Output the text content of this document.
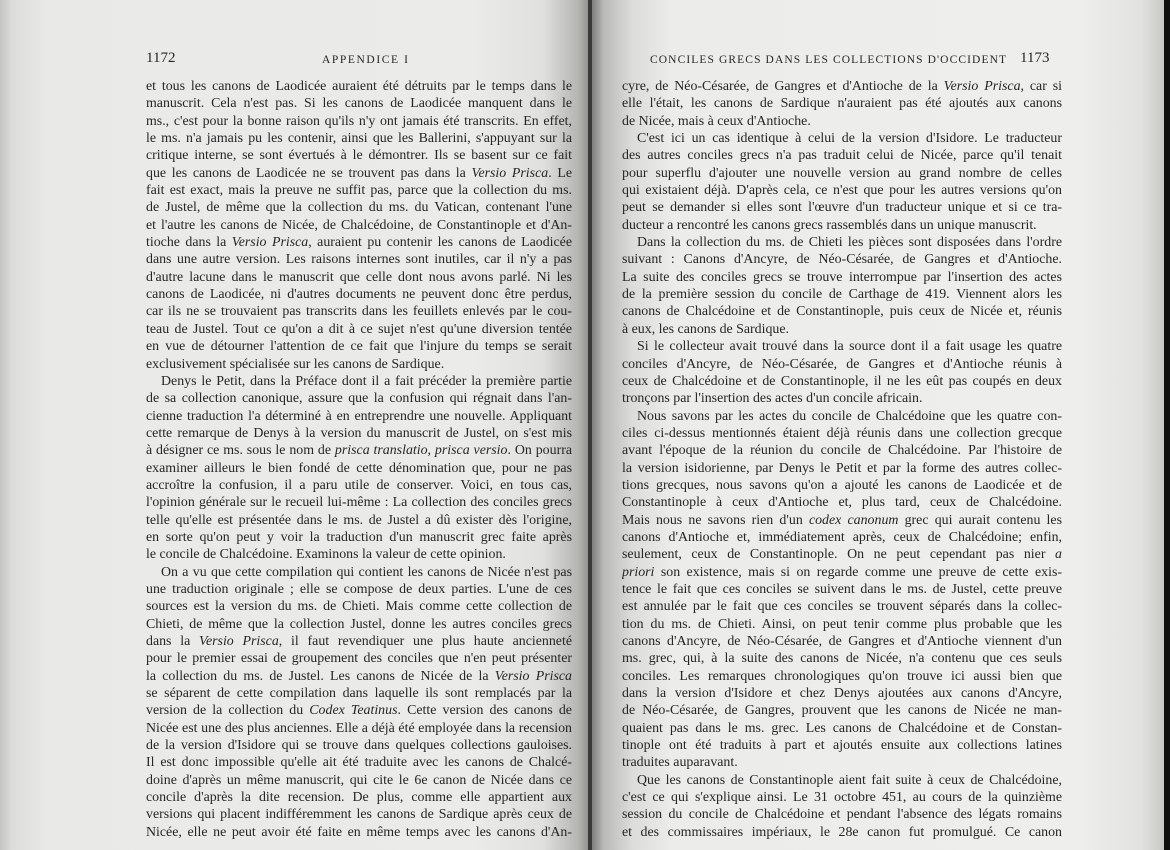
1172	APPENDICE I
et tous les canons de Laodicée auraient été détruits par le temps dans le
manuscrit. Cela n'est pas. Si les canons de Laodicée manquent dans le
ms., c'est pour la bonne raison qu'ils n'y ont jamais été transcrits. En effet,
le ms. n'a jamais pu les contenir, ainsi que les Ballerini, s'appuyant sur la
critique interne, se sont évertués à le démontrer. Ils se basent sur ce fait
que les canons de Laodicée ne se trouvent pas dans la Versio Prisca. Le
fait est exact, mais la preuve ne suffit pas, parce que la collection du ms.
de Justel, de même que la collection du ms. du Vatican, contenant l'une
et l'autre les canons de Nicée, de Chalcédoine, de Constantinople et d'An-
tioche dans la Versio Prisca, auraient pu contenir les canons de Laodicée
dans une autre version. Les raisons internes sont inutiles, car il n'y a pas
d'autre lacune dans le manuscrit que celle dont nous avons parlé. Ni les
canons de Laodicée, ni d'autres documents ne peuvent donc être perdus,
car ils ne se trouvaient pas transcrits dans les feuillets enlevés par le cou-
teau de Justel. Tout ce qu'on a dit à ce sujet n'est qu'une diversion tentée
en vue de détourner l'attention de ce fait que l'injure du temps se serait
exclusivement spécialisée sur les canons de Sardique.
Denys le Petit, dans la Préface dont il a fait précéder la première partie
de sa collection canonique, assure que la confusion qui régnait dans l'an-
cienne traduction l'a déterminé à en entreprendre une nouvelle. Appliquant
cette remarque de Denys à la version du manuscrit de Justel, on s'est mis
à désigner ce ms. sous le nom de prisca translatio, prisca versio. On pourra
examiner ailleurs le bien fondé de cette dénomination que, pour ne pas
accroître la confusion, il a paru utile de conserver. Voici, en tous cas,
l'opinion générale sur le recueil lui-même : La collection des conciles grecs
telle qu'elle est présentée dans le ms. de Justel a dû exister dès l'origine,
en sorte qu'on peut y voir la traduction d'un manuscrit grec faite après
le concile de Chalcédoine. Examinons la valeur de cette opinion.
On a vu que cette compilation qui contient les canons de Nicée n'est pas
une traduction originale ; elle se compose de deux parties. L'une de ces
sources est la version du ms. de Chieti. Mais comme cette collection de
Chieti, de même que la collection Justel, donne les autres conciles grecs
dans la Versio Prisca, il faut revendiquer une plus haute ancienneté
pour le premier essai de groupement des conciles que n'en peut présenter
la collection du ms. de Justel. Les canons de Nicée de la Versio Prisca
se séparent de cette compilation dans laquelle ils sont remplacés par la
version de la collection du Codex Teatinus. Cette version des canons de
Nicée est une des plus anciennes. Elle a déjà été employée dans la recension
de la version d'Isidore qui se trouve dans quelques collections gauloises.
Il est donc impossible qu'elle ait été traduite avec les canons de Chalcé-
doine d'après un même manuscrit, qui cite le 6e canon de Nicée dans ce
concile d'après la dite recension. De plus, comme elle appartient aux
versions qui placent indifféremment les canons de Sardique après ceux de
Nicée, elle ne peut avoir été faite en même temps avec les canons d'An-
CONCILES GRECS DANS LES COLLECTIONS D'OCCIDENT 1173
cyre, de Néo-Césarée, de Gangres et d'Antioche de la Versio Prisca, car si
elle l'était, les canons de Sardique n'auraient pas été ajoutés aux canons
de Nicée, mais à ceux d'Antioche.
C'est ici un cas identique à celui de la version d'Isidore. Le traducteur
des autres conciles grecs n'a pas traduit celui de Nicée, parce qu'il tenait
pour superflu d'ajouter une nouvelle version au grand nombre de celles
qui existaient déjà. D'après cela, ce n'est que pour les autres versions qu'on
peut se demander si elles sont l'œuvre d'un traducteur unique et si ce tra-
ducteur a rencontré les canons grecs rassemblés dans un unique manuscrit.
Dans la collection du ms. de Chieti les pièces sont disposées dans l'ordre
suivant : Canons d'Ancyre, de Néo-Césarée, de Gangres et d'Antioche.
La suite des conciles grecs se trouve interrompue par l'insertion des actes
de la première session du concile de Carthage de 419. Viennent alors les
canons de Chalcédoine et de Constantinople, puis ceux de Nicée et, réunis
à eux, les canons de Sardique.
Si le collecteur avait trouvé dans la source dont il a fait usage les quatre
conciles d'Ancyre, de Néo-Césarée, de Gangres et d'Antioche réunis à
ceux de Chalcédoine et de Constantinople, il ne les eût pas coupés en deux
tronçons par l'insertion des actes d'un concile africain.
Nous savons par les actes du concile de Chalcédoine que les quatre con-
ciles ci-dessus mentionnés étaient déjà réunis dans une collection grecque
avant l'époque de la réunion du concile de Chalcédoine. Par l'histoire de
la version isidorienne, par Denys le Petit et par la forme des autres collec-
tions grecques, nous savons qu'on a ajouté les canons de Laodicée et de
Constantinople à ceux d'Antioche et, plus tard, ceux de Chalcédoine.
Mais nous ne savons rien d'un codex canonum grec qui aurait contenu les
canons d'Antioche et, immédiatement après, ceux de Chalcédoine; enfin,
seulement, ceux de Constantinople. On ne peut cependant pas nier a
priori son existence, mais si on regarde comme une preuve de cette exis-
tence le fait que ces conciles se suivent dans le ms. de Justel, cette preuve
est annulée par le fait que ces conciles se trouvent séparés dans la collec-
tion du ms. de Chieti. Ainsi, on peut tenir comme plus probable que les
canons d'Ancyre, de Néo-Césarée, de Gangres et d'Antioche viennent d'un
ms. grec, qui, à la suite des canons de Nicée, n'a contenu que ces seuls
conciles. Les remarques chronologiques qu'on trouve ici aussi bien que
dans la version d'Isidore et chez Denys ajoutées aux canons d'Ancyre,
de Néo-Césarée, de Gangres, prouvent que les canons de Nicée ne man-
quaient pas dans le ms. grec. Les canons de Chalcédoine et de Constan-
tinople ont été traduits à part et ajoutés ensuite aux collections latines
traduites auparavant.
Que les canons de Constantinople aient fait suite à ceux de Chalcédoine,
c'est ce qui s'explique ainsi. Le 31 octobre 451, au cours de la quinzième
session du concile de Chalcédoine et pendant l'absence des légats romains
et des commissaires impériaux, le 28e canon fut promulgué. Ce canon
